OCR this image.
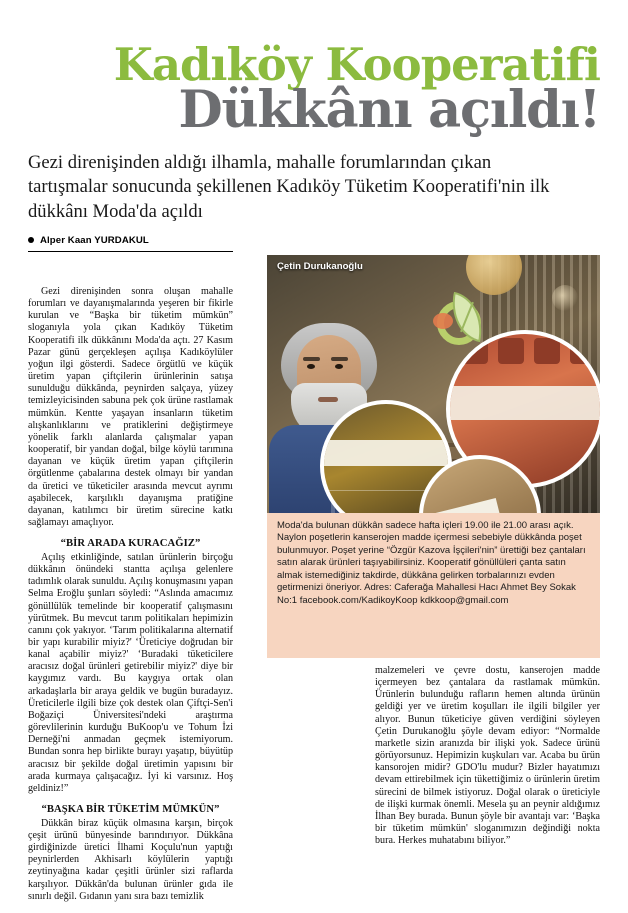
Kadıköy Kooperatifi
Dükkânı açıldı!
Gezi direnişinden aldığı ilhamla, mahalle forumlarından çıkan tartışmalar sonucunda şekillenen Kadıköy Tüketim Kooperatifi'nin ilk dükkânı Moda'da açıldı
Alper Kaan YURDAKUL
Çetin Durukanoğlu

Moda'da bulunan dükkân sadece hafta içleri 19.00 ile 21.00 arası açık. Naylon poşetlerin kanserojen madde içermesi sebebiyle dükkânda poşet bulunmuyor. Poşet yerine “Özgür Kazova İşçileri'nin” ürettiği bez çantaları satın alarak ürünleri taşıyabilirsiniz. Kooperatif gönüllüleri çanta satın almak istemediğiniz takdirde, dükkâna gelirken torbalarınızı evden getirmenizi öneriyor. Adres: Caferağa Mahallesi Hacı Ahmet Bey Sokak No:1 facebook.com/KadikoyKoop kdkkoop@gmail.com

Gezi direnişinden sonra oluşan mahalle forumları ve dayanışmalarında yeşeren bir fikirle kurulan ve “Başka bir tüketim mümkün” sloganıyla yola çıkan Kadıköy Tüketim Kooperatifi ilk dükkânını Moda'da açtı. 27 Kasım Pazar günü gerçekleşen açılışa Kadıköylüler yoğun ilgi gösterdi. Sadece örgütlü ve küçük üretim yapan çiftçilerin ürünlerinin satışa sunulduğu dükkânda, peynirden salçaya, yüzey temizleyicisinden sabuna pek çok ürüne rastlamak mümkün. Kentte yaşayan insanların tüketim alışkanlıklarını ve pratiklerini değiştirmeye yönelik farklı alanlarda çalışmalar yapan kooperatif, bir yandan doğal, bilge köylü tarımına dayanan ve küçük üretim yapan çiftçilerin örgütlenme çabalarına destek olmayı bir yandan da üretici ve tüketiciler arasında mevcut ayrımı aşabilecek, karşılıklı dayanışma pratiğine dayanan, katılımcı bir üretim sürecine katkı sağlamayı amaçlıyor.

“BİR ARADA KURACAĞIZ”

Açılış etkinliğinde, satılan ürünlerin birçoğu dükkânın önündeki stantta açılışa gelenlere tadımlık olarak sunuldu. Açılış konuşmasını yapan Selma Eroğlu şunları söyledi: “Aslında amacımız gönüllülük temelinde bir kooperatif çalışmasını yürütmek. Bu mevcut tarım politikaları hepimizin canını çok yakıyor. ‘Tarım politikalarına alternatif bir yapı kurabilir miyiz?' ‘Üreticiye doğrudan bir kanal açabilir miyiz?' ‘Buradaki tüketicilere aracısız doğal ürünleri getirebilir miyiz?' diye bir kaygımız vardı. Bu kaygıya ortak olan arkadaşlarla bir araya geldik ve bugün buradayız. Üreticilerle ilgili bize çok destek olan Çiftçi-Sen'i Boğaziçi Üniversitesi'ndeki araştırma görevlilerinin kurduğu BuKoop'u ve Tohum İzi Derneği'ni anmadan geçmek istemiyorum. Bundan sonra hep birlikte burayı yaşatıp, büyütüp aracısız bir şekilde doğal üretimin yapısını bir arada kurmaya çalışacağız. İyi ki varsınız. Hoş geldiniz!”

“BAŞKA BİR TÜKETİM MÜMKÜN”

Dükkân biraz küçük olmasına karşın, birçok çeşit ürünü bünyesinde barındırıyor. Dükkâna girdiğinizde üretici İlhami Koçulu'nun yaptığı peynirlerden Akhisarlı köylülerin yaptığı zeytinyağına kadar çeşitli ürünler sizi raflarda karşılıyor. Dükkân'da bulunan ürünler gıda ile sınırlı değil. Gıdanın yanı sıra bazı temizlik

malzemeleri ve çevre dostu, kanserojen madde içermeyen bez çantalara da rastlamak mümkün. Ürünlerin bulunduğu rafların hemen altında ürünün geldiği yer ve üretim koşulları ile ilgili bilgiler yer alıyor. Bunun tüketiciye güven verdiğini söyleyen Çetin Durukanoğlu şöyle devam ediyor: “Normalde marketle sizin aranızda bir ilişki yok. Sadece ürünü görüyorsunuz. Hepimizin kuşkuları var. Acaba bu ürün kansorojen midir? GDO'lu mudur? Bizler hayatımızı devam ettirebilmek için tükettiğimiz o ürünlerin üretim sürecini de bilmek istiyoruz. Doğal olarak o üreticiyle de ilişki kurmak önemli. Mesela şu an peynir aldığımız İlhan Bey burada. Bunun şöyle bir avantajı var: ‘Başka bir tüketim mümkün' sloganımızın değindiği nokta bura. Herkes muhatabını biliyor.”
